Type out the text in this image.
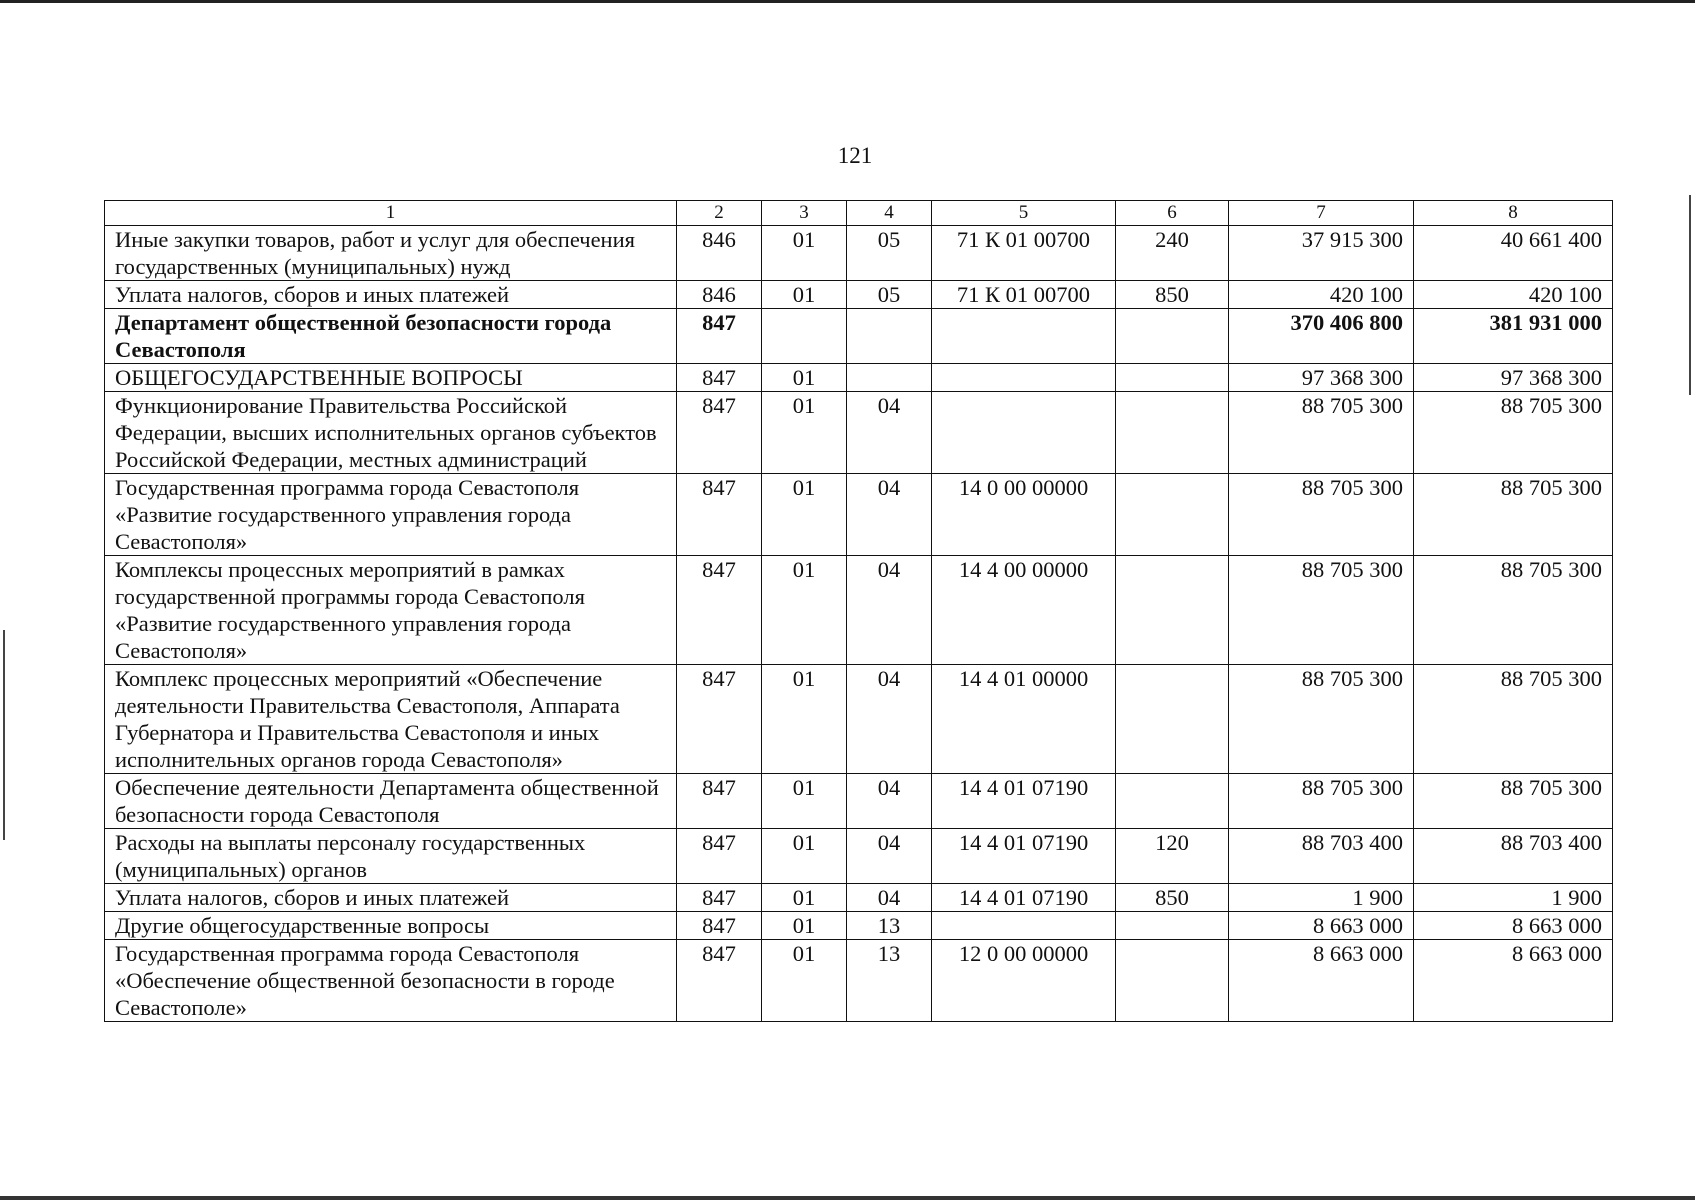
121
1	2	3	4	5	6	7	8
Иные закупки товаров, работ и услуг для обеспечения государственных (муниципальных) нужд	846	01	05	71 К 01 00700	240	37 915 300	40 661 400
Уплата налогов, сборов и иных платежей	846	01	05	71 К 01 00700	850	420 100	420 100
Департамент общественной безопасности города Севастополя	847					370 406 800	381 931 000
ОБЩЕГОСУДАРСТВЕННЫЕ ВОПРОСЫ	847	01				97 368 300	97 368 300
Функционирование Правительства Российской Федерации, высших исполнительных органов субъектов Российской Федерации, местных администраций	847	01	04			88 705 300	88 705 300
Государственная программа города Севастополя «Развитие государственного управления города Севастополя»	847	01	04	14 0 00 00000		88 705 300	88 705 300
Комплексы процессных мероприятий в рамках государственной программы города Севастополя «Развитие государственного управления города Севастополя»	847	01	04	14 4 00 00000		88 705 300	88 705 300
Комплекс процессных мероприятий «Обеспечение деятельности Правительства Севастополя, Аппарата Губернатора и Правительства Севастополя и иных исполнительных органов города Севастополя»	847	01	04	14 4 01 00000		88 705 300	88 705 300
Обеспечение деятельности Департамента общественной безопасности города Севастополя	847	01	04	14 4 01 07190		88 705 300	88 705 300
Расходы на выплаты персоналу государственных (муниципальных) органов	847	01	04	14 4 01 07190	120	88 703 400	88 703 400
Уплата налогов, сборов и иных платежей	847	01	04	14 4 01 07190	850	1 900	1 900
Другие общегосударственные вопросы	847	01	13			8 663 000	8 663 000
Государственная программа города Севастополя «Обеспечение общественной безопасности в городе Севастополе»	847	01	13	12 0 00 00000		8 663 000	8 663 000
